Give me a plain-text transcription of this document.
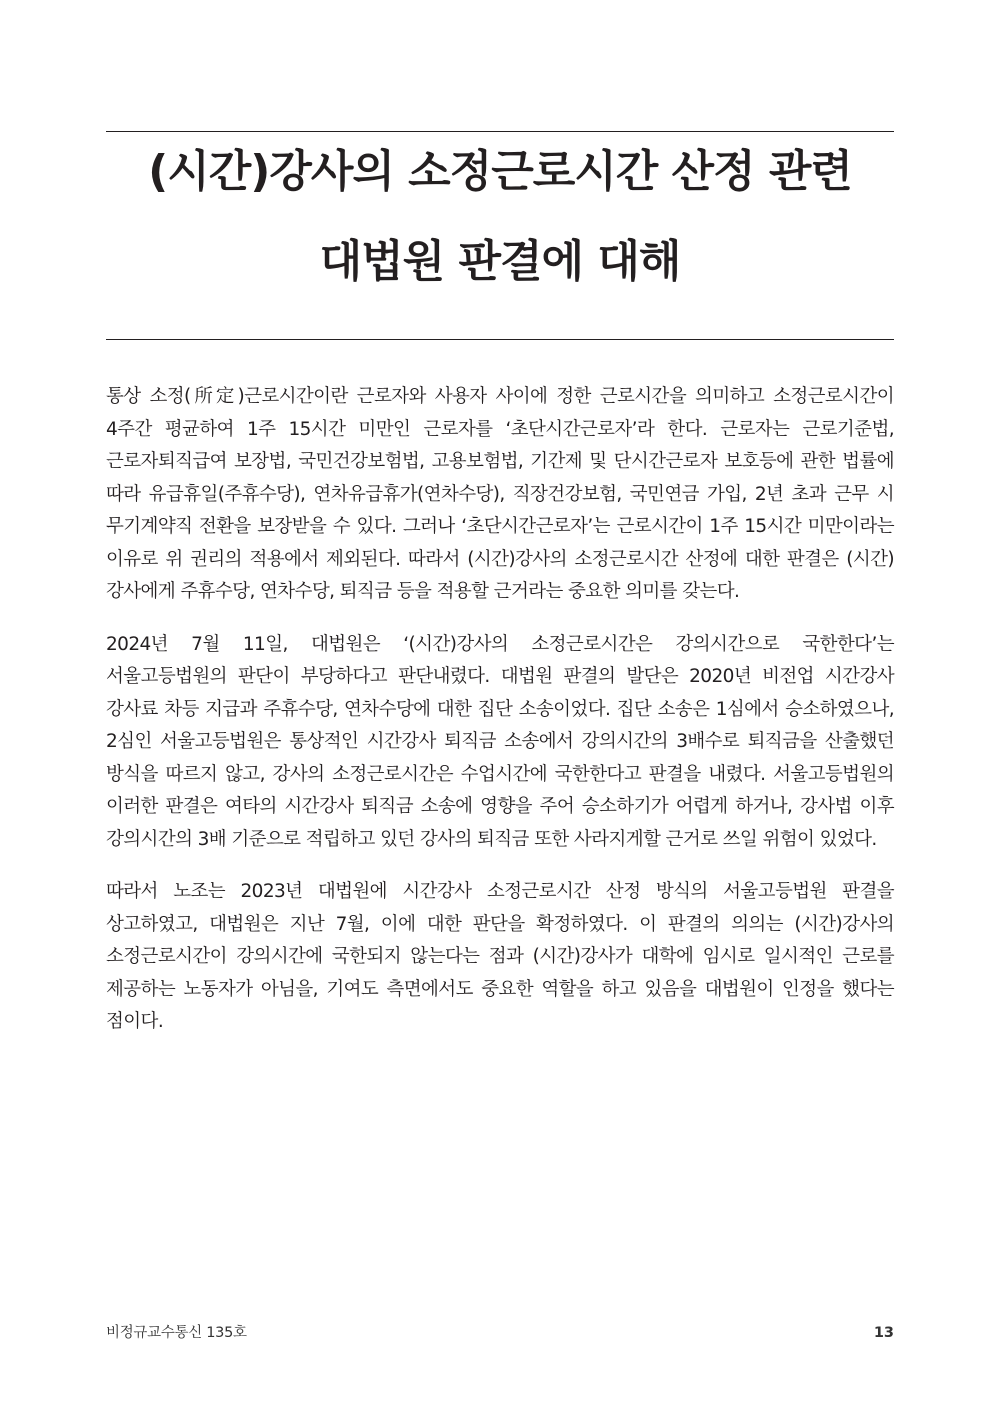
(시간)강사의 소정근로시간 산정 관련
대법원 판결에 대해

통상 소정(所定)근로시간이란 근로자와 사용자 사이에 정한 근로시간을 의미하고 소정근로시간이 4주간 평균하여 1주 15시간 미만인 근로자를 ‘초단시간근로자’라 한다. 근로자는 근로기준법, 근로자퇴직급여 보장법, 국민건강보험법, 고용보험법, 기간제 및 단시간근로자 보호등에 관한 법률에 따라 유급휴일(주휴수당), 연차유급휴가(연차수당), 직장건강보험, 국민연금 가입, 2년 초과 근무 시 무기계약직 전환을 보장받을 수 있다. 그러나 ‘초단시간근로자’는 근로시간이 1주 15시간 미만이라는 이유로 위 권리의 적용에서 제외된다. 따라서 (시간)강사의 소정근로시간 산정에 대한 판결은 (시간)강사에게 주휴수당, 연차수당, 퇴직금 등을 적용할 근거라는 중요한 의미를 갖는다.

2024년 7월 11일, 대법원은 ‘(시간)강사의 소정근로시간은 강의시간으로 국한한다’는 서울고등법원의 판단이 부당하다고 판단내렸다. 대법원 판결의 발단은 2020년 비전업 시간강사 강사료 차등 지급과 주휴수당, 연차수당에 대한 집단 소송이었다. 집단 소송은 1심에서 승소하였으나, 2심인 서울고등법원은 통상적인 시간강사 퇴직금 소송에서 강의시간의 3배수로 퇴직금을 산출했던 방식을 따르지 않고, 강사의 소정근로시간은 수업시간에 국한한다고 판결을 내렸다. 서울고등법원의 이러한 판결은 여타의 시간강사 퇴직금 소송에 영향을 주어 승소하기가 어렵게 하거나, 강사법 이후 강의시간의 3배 기준으로 적립하고 있던 강사의 퇴직금 또한 사라지게할 근거로 쓰일 위험이 있었다.

따라서 노조는 2023년 대법원에 시간강사 소정근로시간 산정 방식의 서울고등법원 판결을 상고하였고, 대법원은 지난 7월, 이에 대한 판단을 확정하였다. 이 판결의 의의는 (시간)강사의 소정근로시간이 강의시간에 국한되지 않는다는 점과 (시간)강사가 대학에 임시로 일시적인 근로를 제공하는 노동자가 아님을, 기여도 측면에서도 중요한 역할을 하고 있음을 대법원이 인정을 했다는 점이다.

비정규교수통신 135호	13
